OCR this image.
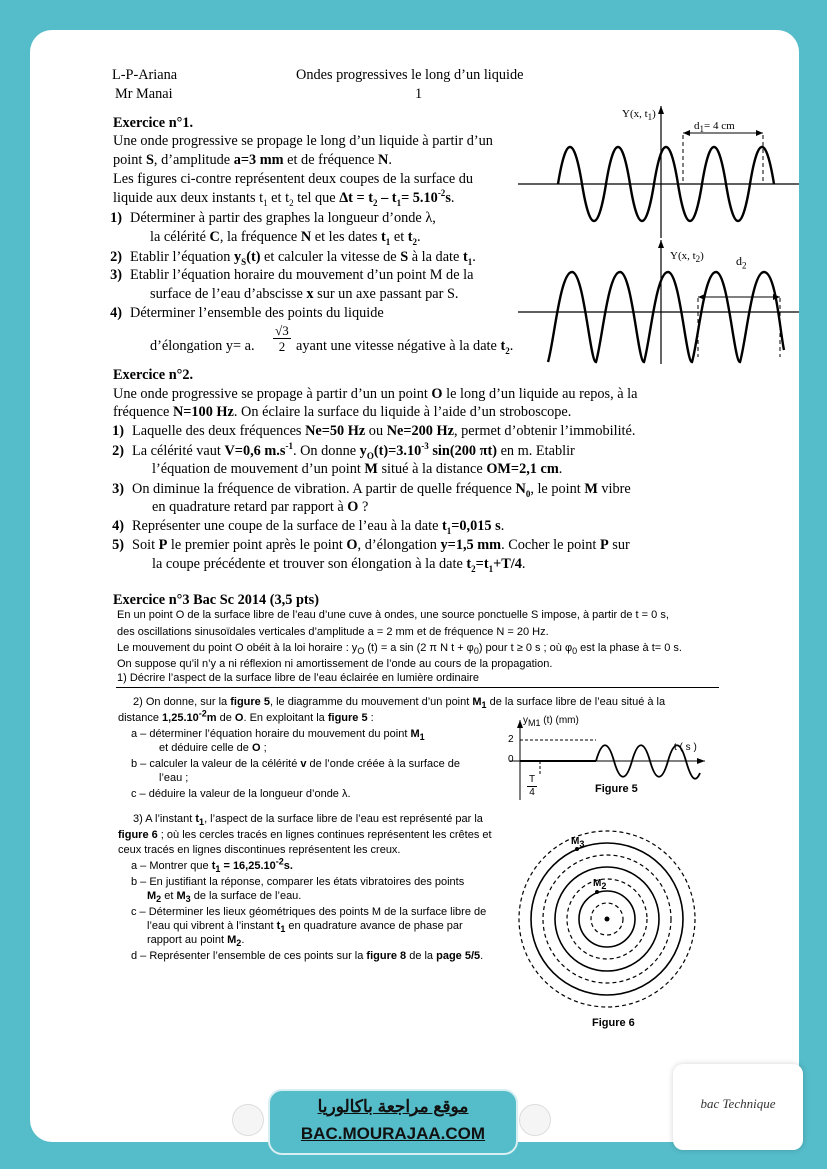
L-P-Ariana	Ondes progressives le long d’un liquide
Mr Manai	1
Exercice n°1.
Une onde progressive se propage le long d’un liquide à partir d’un
point S, d’amplitude a=3 mm et de fréquence N.
Les figures ci-contre représentent deux coupes de la surface du
liquide aux deux instants $t_1$ et $t_2$ tel que $\Delta t = t_2 - t_1= 5.10^{-2}s$.
1) Déterminer à partir des graphes la longueur d’onde λ,
la célérité C, la fréquence N et les dates $t_1$ et $t_2$.
2) Etablir l’équation $y_S(t)$ et calculer la vitesse de S à la date $t_1$.
3) Etablir l’équation horaire du mouvement d’un point M de la
surface de l’eau d’abscisse x sur un axe passant par S.
4) Déterminer l’ensemble des points du liquide
d’élongation y= a.
√3
2 ayant une vitesse négative à la date $t_2$.
Y(x, $t_1$)
$d_1= 4$ cm
Y(x, $t_2$)	$d_2$
Exercice n°2.
Une onde progressive se propage à partir d’un un point O le long d’un liquide au repos, à la
fréquence N=100 Hz. On éclaire la surface du liquide à l’aide d’un stroboscope.
1) Laquelle des deux fréquences Ne=50 Hz ou Ne=200 Hz, permet d’obtenir l’immobilité.
2) La célérité vaut V=0,6 $m.s^{-1}$. On donne $y_O(t)=3.10^{-3}$ sin(200 πt) en m. Etablir
l’équation de mouvement d’un point M situé à la distance OM=2,1 cm.
3) On diminue la fréquence de vibration. A partir de quelle fréquence $N_0$, le point M vibre
en quadrature retard par rapport à O ?
4) Représenter une coupe de la surface de l’eau à la date $t_1=0,015$ s.
5) Soit P le premier point après le point O, d’élongation y=1,5 mm. Cocher le point P sur
la coupe précédente et trouver son élongation à la date $t_2=t_1+T/4$.
Exercice n°3 Bac Sc 2014 (3,5 pts)
En un point O de la surface libre de l’eau d’une cuve à ondes, une source ponctuelle S impose, à partir de t = 0 s,
des oscillations sinusoïdales verticales d’amplitude a = 2 mm et de fréquence N = 20 Hz.
Le mouvement du point O obéit à la loi horaire : $y_O$ (t) = a sin (2 π N $t + \varphi_0$) pour t ≥ 0 s ; où $\varphi_0$ est la phase à t= 0 s.
On suppose qu’il n’y a ni réflexion ni amortissement de l’onde au cours de la propagation.
1) Décrire l’aspect de la surface libre de l’eau éclairée en lumière ordinaire
2) On donne, sur la figure 5, le diagramme du mouvement d’un point $M_1$ de la surface libre de l’eau situé à la
distance $1,25.10^{-2}m$ de O. En exploitant la figure 5 :
a – déterminer l’équation horaire du mouvement du point $M_1$
et déduire celle de O ;
b – calculer la valeur de la célérité v de l’onde créée à la surface de
l’eau ;
c – déduire la valeur de la longueur d’onde λ.
$y_{M1}$ (t) (mm)
t ( s )
2
0
T
4	Figure 5
3) A l’instant $t_1$, l’aspect de la surface libre de l’eau est représenté par la
figure 6 ; où les cercles tracés en lignes continues représentent les crêtes et
ceux tracés en lignes discontinues représentent les creux.
a – Montrer que $t_1 = 16,25.10^{-2}s$.
b – En justifiant la réponse, comparer les états vibratoires des points
$M_2$ et $M_3$ de la surface de l’eau.
c – Déterminer les lieux géométriques des points M de la surface libre de
l’eau qui vibrent à l’instant $t_1$ en quadrature avance de phase par
rapport au point $M_2$.
d – Représenter l’ensemble de ces points sur la figure 8 de la page 5/5.
$M_3$
$M_2$
Figure 6
موقع مراجعة باكالوريا
BAC.MOURAJAA.COM
bac Technique
